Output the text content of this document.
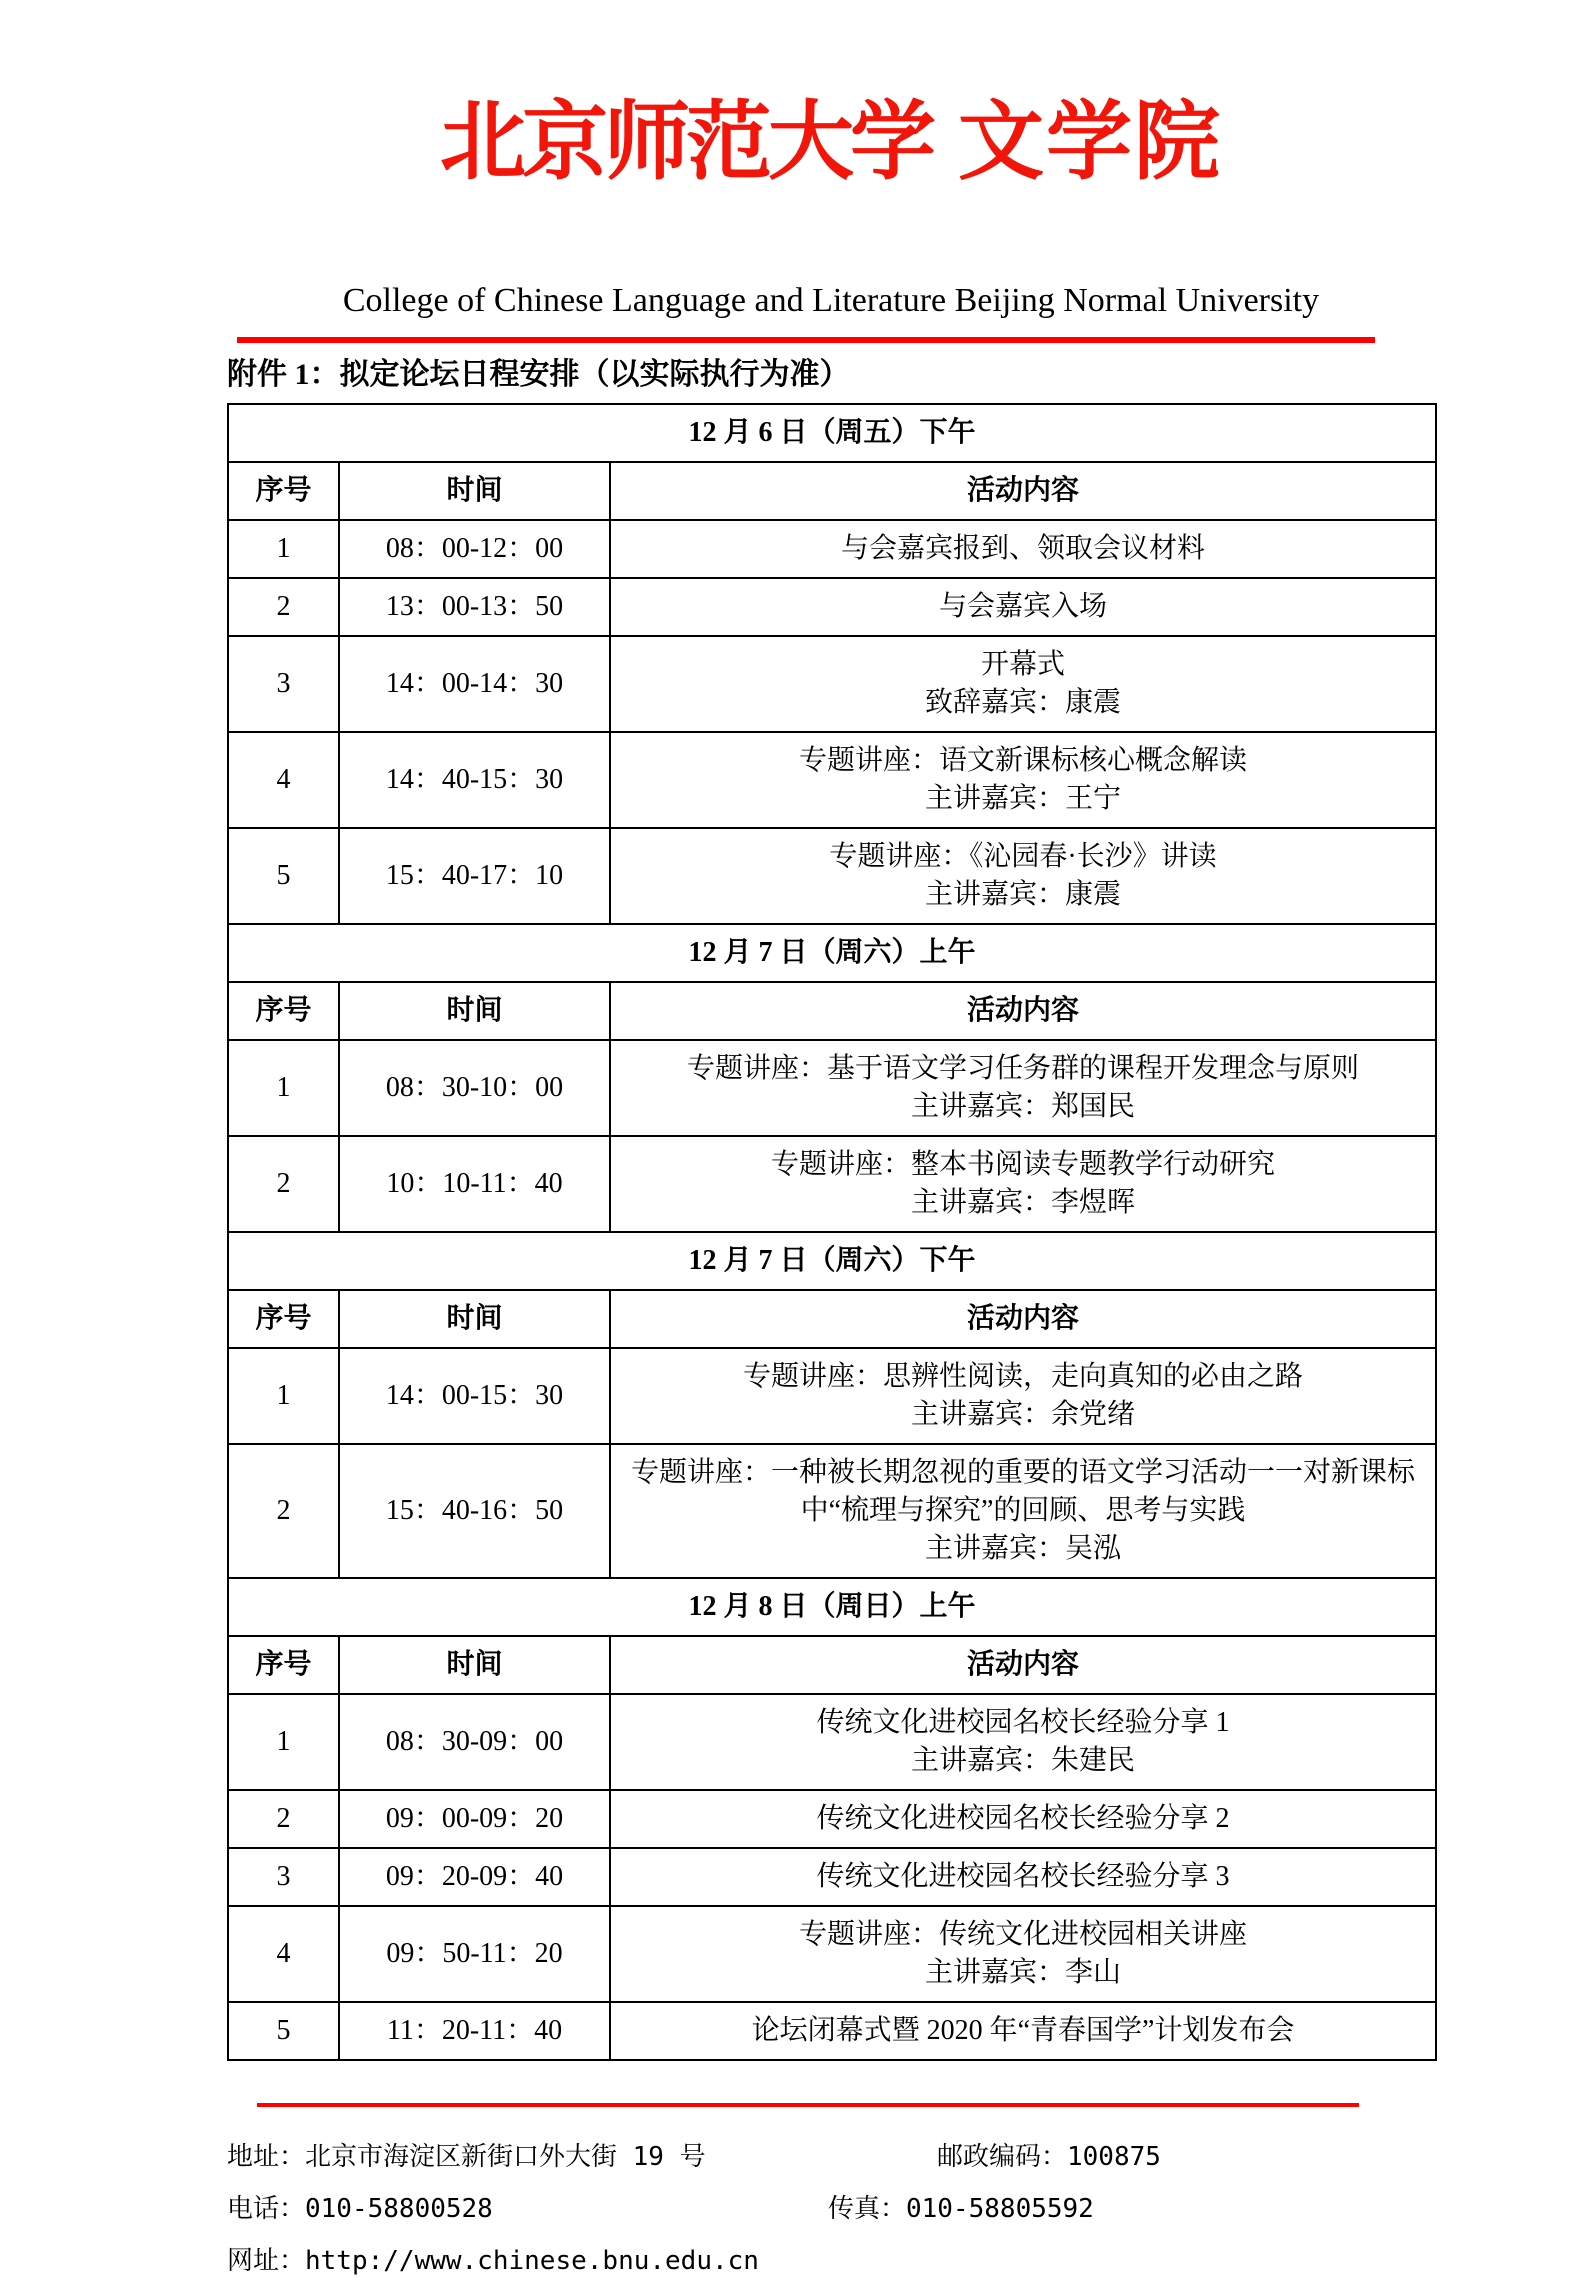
北京师范大学 文学院
College of Chinese Language and Literature Beijing Normal University
附件 1：拟定论坛日程安排（以实际执行为准）
12 月 6 日（周五）下午		
序号	时间	活动内容
1	08：00-12：00	与会嘉宾报到、领取会议材料

2	13：00-13：50	与会嘉宾入场

3	14：00-14：30	开幕式
致辞嘉宾：康震

4	14：40-15：30	专题讲座：语文新课标核心概念解读
主讲嘉宾：王宁

5	15：40-17：10	专题讲座：《沁园春·长沙》讲读
主讲嘉宾：康震

12 月 7 日（周六）上午		
序号	时间	活动内容
1	08：30-10：00	专题讲座：基于语文学习任务群的课程开发理念与原则
主讲嘉宾：郑国民

2	10：10-11：40	专题讲座：整本书阅读专题教学行动研究
主讲嘉宾：李煜晖

12 月 7 日（周六）下午		
序号	时间	活动内容
1	14：00-15：30	专题讲座：思辨性阅读，走向真知的必由之路
主讲嘉宾：余党绪

2	15：40-16：50	专题讲座：一种被长期忽视的重要的语文学习活动一一对新课标中“梳理与探究”的回顾、思考与实践
主讲嘉宾：吴泓

12 月 8 日（周日）上午		
序号	时间	活动内容
1	08：30-09：00	传统文化进校园名校长经验分享 1
主讲嘉宾：朱建民

2	09：00-09：20	传统文化进校园名校长经验分享 2

3	09：20-09：40	传统文化进校园名校长经验分享 3

4	09：50-11：20	专题讲座：传统文化进校园相关讲座
主讲嘉宾：李山

5	11：20-11：40	论坛闭幕式暨 2020 年“青春国学”计划发布会
地址：北京市海淀区新街口外大街 19 号	邮政编码：100875
电话：010-58800528	传真：010-58805592
网址：http://www.chinese.bnu.edu.cn
